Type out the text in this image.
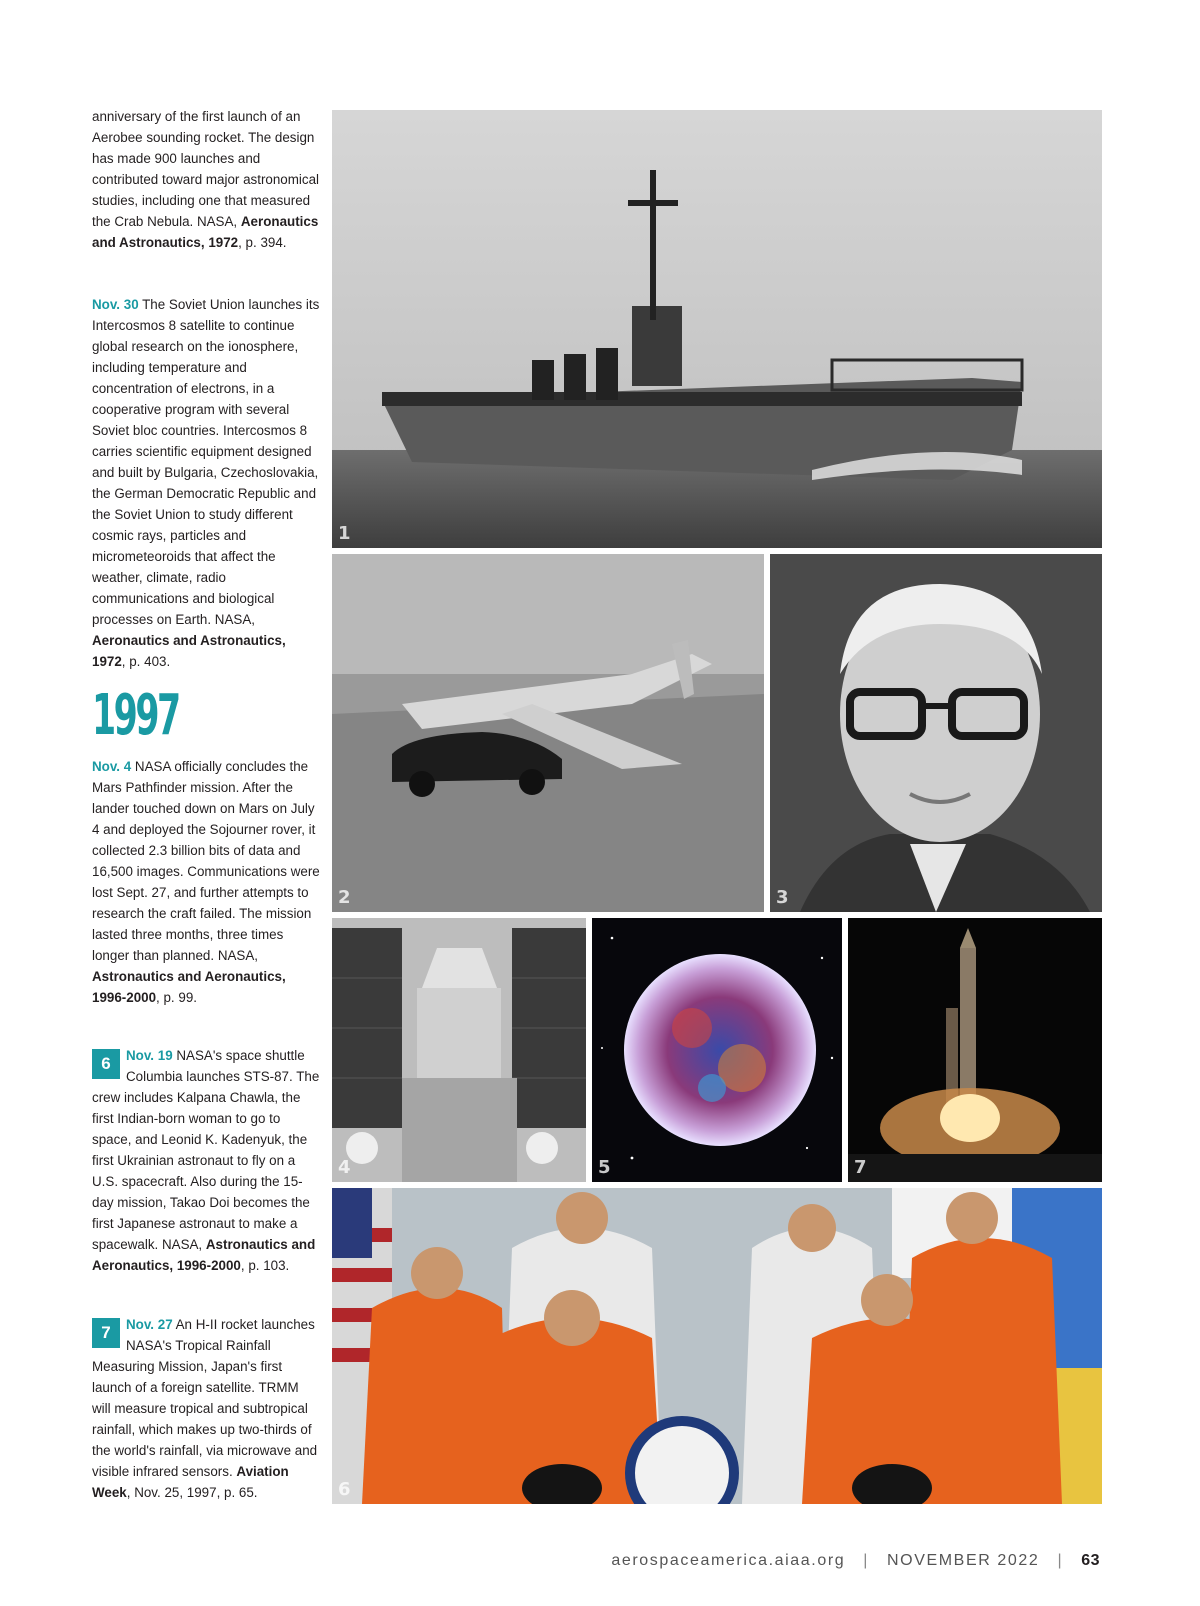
anniversary of the first launch of an Aerobee sounding rocket. The design has made 900 launches and contributed toward major astronomical studies, including one that measured the Crab Nebula. NASA, Aeronautics and Astronautics, 1972, p. 394.

Nov. 30 The Soviet Union launches its Intercosmos 8 satellite to continue global research on the ionosphere, including temperature and concentration of electrons, in a cooperative program with several Soviet bloc countries. Intercosmos 8 carries scientific equipment designed and built by Bulgaria, Czechoslovakia, the German Democratic Republic and the Soviet Union to study different cosmic rays, particles and micrometeoroids that affect the weather, climate, radio communications and biological processes on Earth. NASA, Aeronautics and Astronautics, 1972, p. 403.

1997

Nov. 4 NASA officially concludes the Mars Pathfinder mission. After the lander touched down on Mars on July 4 and deployed the Sojourner rover, it collected 2.3 billion bits of data and 16,500 images. Communications were lost Sept. 27, and further attempts to research the craft failed. The mission lasted three months, three times longer than planned. NASA, Astronautics and Aeronautics, 1996-2000, p. 99.

6	Nov. 19 NASA's space shuttle Columbia launches STS-87. The crew includes Kalpana Chawla, the first Indian-born woman to go to space, and Leonid K. Kadenyuk, the first Ukrainian astronaut to fly on a U.S. spacecraft. Also during the 15-day mission, Takao Doi becomes the first Japanese astronaut to make a spacewalk. NASA, Astronautics and Aeronautics, 1996-2000, p. 103.

7	Nov. 27 An H-II rocket launches NASA's Tropical Rainfall Measuring Mission, Japan's first launch of a foreign satellite. TRMM will measure tropical and subtropical rainfall, which makes up two-thirds of the world's rainfall, via microwave and visible infrared sensors. Aviation Week, Nov. 25, 1997, p. 65.

1
2	3
4	5	7
6
aerospaceamerica.aiaa.org | NOVEMBER 2022 | 63
